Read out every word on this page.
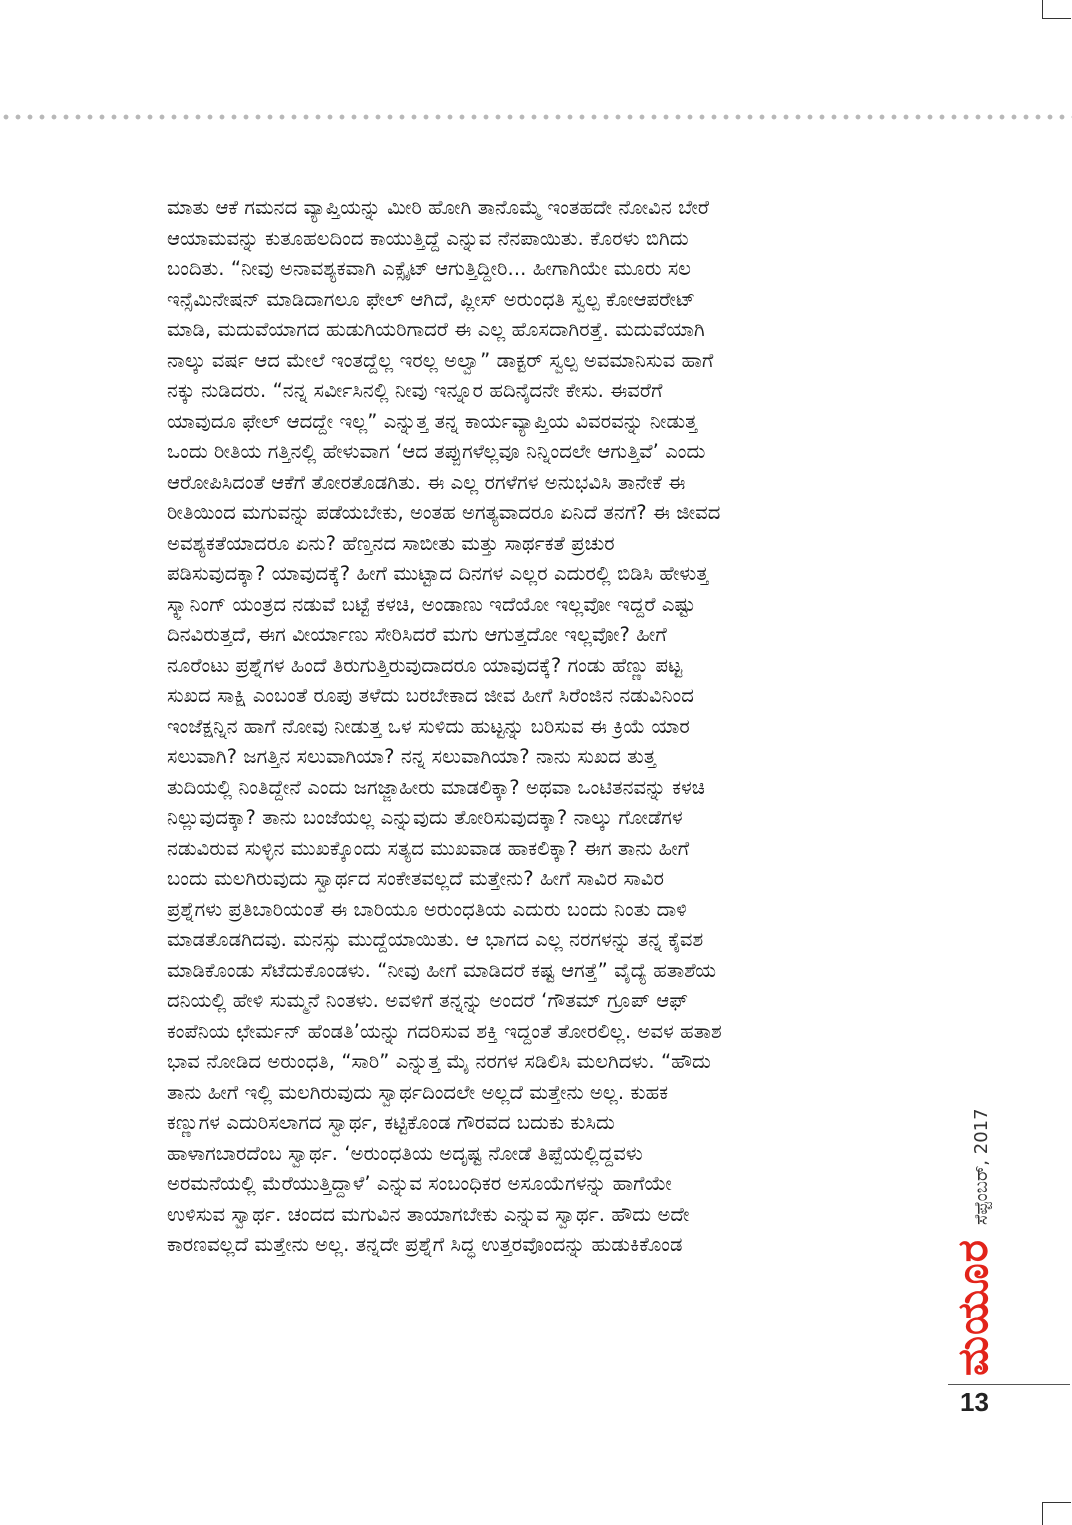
ಮಾತು ಆಕೆ ಗಮನದ ವ್ಯಾಪ್ತಿಯನ್ನು ಮೀರಿ ಹೋಗಿ ತಾನೊಮ್ಮೆ ಇಂತಹದೇ ನೋವಿನ ಬೇರೆ
ಆಯಾಮವನ್ನು ಕುತೂಹಲದಿಂದ ಕಾಯುತ್ತಿದ್ದೆ ಎನ್ನುವ ನೆನಪಾಯಿತು. ಕೊರಳು ಬಿಗಿದು
ಬಂದಿತು. “ನೀವು ಅನಾವಶ್ಯಕವಾಗಿ ಎಕ್ಸೈಟ್ ಆಗುತ್ತಿದ್ದೀರಿ... ಹೀಗಾಗಿಯೇ ಮೂರು ಸಲ
ಇನ್ಸೆಮಿನೇಷನ್ ಮಾಡಿದಾಗಲೂ ಫೇಲ್ ಆಗಿದೆ, ಪ್ಲೀಸ್ ಅರುಂಧತಿ ಸ್ವಲ್ಪ ಕೋಆಪರೇಟ್
ಮಾಡಿ, ಮದುವೆಯಾಗದ ಹುಡುಗಿಯರಿಗಾದರೆ ಈ ಎಲ್ಲ ಹೊಸದಾಗಿರತ್ತೆ. ಮದುವೆಯಾಗಿ
ನಾಲ್ಕು ವರ್ಷ ಆದ ಮೇಲೆ ಇಂತದ್ದೆಲ್ಲ ಇರಲ್ಲ ಅಲ್ವಾ” ಡಾಕ್ಟರ್ ಸ್ವಲ್ಪ ಅವಮಾನಿಸುವ ಹಾಗೆ
ನಕ್ಕು ನುಡಿದರು. “ನನ್ನ ಸರ್ವೀಸಿನಲ್ಲಿ ನೀವು ಇನ್ನೂರ ಹದಿನೈದನೇ ಕೇಸು. ಈವರೆಗೆ
ಯಾವುದೂ ಫೇಲ್ ಆದದ್ದೇ ಇಲ್ಲ” ಎನ್ನುತ್ತ ತನ್ನ ಕಾರ್ಯವ್ಯಾಪ್ತಿಯ ವಿವರವನ್ನು ನೀಡುತ್ತ
ಒಂದು ರೀತಿಯ ಗತ್ತಿನಲ್ಲಿ ಹೇಳುವಾಗ ‘ಆದ ತಪ್ಪುಗಳೆಲ್ಲವೂ ನಿನ್ನಿಂದಲೇ ಆಗುತ್ತಿವೆ’ ಎಂದು
ಆರೋಪಿಸಿದಂತೆ ಆಕೆಗೆ ತೋರತೊಡಗಿತು. ಈ ಎಲ್ಲ ರಗಳೆಗಳ ಅನುಭವಿಸಿ ತಾನೇಕೆ ಈ
ರೀತಿಯಿಂದ ಮಗುವನ್ನು ಪಡೆಯಬೇಕು, ಅಂತಹ ಅಗತ್ಯವಾದರೂ ಏನಿದೆ ತನಗೆ? ಈ ಜೀವದ
ಅವಶ್ಯಕತೆಯಾದರೂ ಏನು? ಹೆಣ್ತನದ ಸಾಬೀತು ಮತ್ತು ಸಾರ್ಥಕತೆ ಪ್ರಚುರ
ಪಡಿಸುವುದಕ್ಕಾ? ಯಾವುದಕ್ಕೆ? ಹೀಗೆ ಮುಟ್ಟಾದ ದಿನಗಳ ಎಲ್ಲರ ಎದುರಲ್ಲಿ ಬಿಡಿಸಿ ಹೇಳುತ್ತ
ಸ್ಕ್ಯಾನಿಂಗ್ ಯಂತ್ರದ ನಡುವೆ ಬಟ್ಟೆ ಕಳಚಿ, ಅಂಡಾಣು ಇದೆಯೋ ಇಲ್ಲವೋ ಇದ್ದರೆ ಎಷ್ಟು
ದಿನವಿರುತ್ತದೆ, ಈಗ ವೀರ್ಯಾಣು ಸೇರಿಸಿದರೆ ಮಗು ಆಗುತ್ತದೋ ಇಲ್ಲವೋ? ಹೀಗೆ
ನೂರೆಂಟು ಪ್ರಶ್ನೆಗಳ ಹಿಂದೆ ತಿರುಗುತ್ತಿರುವುದಾದರೂ ಯಾವುದಕ್ಕೆ? ಗಂಡು ಹೆಣ್ಣು ಪಟ್ಟ
ಸುಖದ ಸಾಕ್ಷಿ ಎಂಬಂತೆ ರೂಪು ತಳೆದು ಬರಬೇಕಾದ ಜೀವ ಹೀಗೆ ಸಿರೆಂಜಿನ ನಡುವಿನಿಂದ
ಇಂಜೆಕ್ಷನ್ನಿನ ಹಾಗೆ ನೋವು ನೀಡುತ್ತ ಒಳ ಸುಳಿದು ಹುಟ್ಟನ್ನು ಬರಿಸುವ ಈ ಕ್ರಿಯೆ ಯಾರ
ಸಲುವಾಗಿ? ಜಗತ್ತಿನ ಸಲುವಾಗಿಯಾ? ನನ್ನ ಸಲುವಾಗಿಯಾ? ನಾನು ಸುಖದ ತುತ್ತ
ತುದಿಯಲ್ಲಿ ನಿಂತಿದ್ದೇನೆ ಎಂದು ಜಗಜ್ಜಾಹೀರು ಮಾಡಲಿಕ್ಕಾ? ಅಥವಾ ಒಂಟಿತನವನ್ನು ಕಳಚಿ
ನಿಲ್ಲುವುದಕ್ಕಾ? ತಾನು ಬಂಜೆಯಲ್ಲ ಎನ್ನುವುದು ತೋರಿಸುವುದಕ್ಕಾ? ನಾಲ್ಕು ಗೋಡೆಗಳ
ನಡುವಿರುವ ಸುಳ್ಳಿನ ಮುಖಕ್ಕೊಂದು ಸತ್ಯದ ಮುಖವಾಡ ಹಾಕಲಿಕ್ಕಾ? ಈಗ ತಾನು ಹೀಗೆ
ಬಂದು ಮಲಗಿರುವುದು ಸ್ವಾರ್ಥದ ಸಂಕೇತವಲ್ಲದೆ ಮತ್ತೇನು? ಹೀಗೆ ಸಾವಿರ ಸಾವಿರ
ಪ್ರಶ್ನೆಗಳು ಪ್ರತಿಬಾರಿಯಂತೆ ಈ ಬಾರಿಯೂ ಅರುಂಧತಿಯ ಎದುರು ಬಂದು ನಿಂತು ದಾಳಿ
ಮಾಡತೊಡಗಿದವು. ಮನಸ್ಸು ಮುದ್ದೆಯಾಯಿತು. ಆ ಭಾಗದ ಎಲ್ಲ ನರಗಳನ್ನು ತನ್ನ ಕೈವಶ
ಮಾಡಿಕೊಂಡು ಸೆಟೆದುಕೊಂಡಳು. “ನೀವು ಹೀಗೆ ಮಾಡಿದರೆ ಕಷ್ಟ ಆಗತ್ತೆ” ವೈದ್ಯೆ ಹತಾಶೆಯ
ದನಿಯಲ್ಲಿ ಹೇಳಿ ಸುಮ್ಮನೆ ನಿಂತಳು. ಅವಳಿಗೆ ತನ್ನನ್ನು ಅಂದರೆ ‘ಗೌತಮ್ ಗ್ರೂಪ್ ಆಫ್
ಕಂಪೆನಿಯ ಛೇರ್ಮನ್ ಹೆಂಡತಿ’ಯನ್ನು ಗದರಿಸುವ ಶಕ್ತಿ ಇದ್ದಂತೆ ತೋರಲಿಲ್ಲ. ಅವಳ ಹತಾಶ
ಭಾವ ನೋಡಿದ ಅರುಂಧತಿ, “ಸಾರಿ” ಎನ್ನುತ್ತ ಮೈ ನರಗಳ ಸಡಿಲಿಸಿ ಮಲಗಿದಳು. “ಹೌದು
ತಾನು ಹೀಗೆ ಇಲ್ಲಿ ಮಲಗಿರುವುದು ಸ್ವಾರ್ಥದಿಂದಲೇ ಅಲ್ಲದೆ ಮತ್ತೇನು ಅಲ್ಲ. ಕುಹಕ
ಕಣ್ಣುಗಳ ಎದುರಿಸಲಾಗದ ಸ್ವಾರ್ಥ, ಕಟ್ಟಿಕೊಂಡ ಗೌರವದ ಬದುಕು ಕುಸಿದು
ಹಾಳಾಗಬಾರದೆಂಬ ಸ್ವಾರ್ಥ. ‘ಅರುಂಧತಿಯ ಅದೃಷ್ಟ ನೋಡೆ ತಿಪ್ಪೆಯಲ್ಲಿದ್ದವಳು
ಅರಮನೆಯಲ್ಲಿ ಮೆರೆಯುತ್ತಿದ್ದಾಳೆ’ ಎನ್ನುವ ಸಂಬಂಧಿಕರ ಅಸೂಯೆಗಳನ್ನು ಹಾಗೆಯೇ
ಉಳಿಸುವ ಸ್ವಾರ್ಥ. ಚಂದದ ಮಗುವಿನ ತಾಯಾಗಬೇಕು ಎನ್ನುವ ಸ್ವಾರ್ಥ. ಹೌದು ಅದೇ
ಕಾರಣವಲ್ಲದೆ ಮತ್ತೇನು ಅಲ್ಲ. ತನ್ನದೇ ಪ್ರಶ್ನೆಗೆ ಸಿದ್ಧ ಉತ್ತರವೊಂದನ್ನು ಹುಡುಕಿಕೊಂಡ	ಮಯೂರ
ಸೆಪ್ಟೆಂಬರ್, 2017
13
